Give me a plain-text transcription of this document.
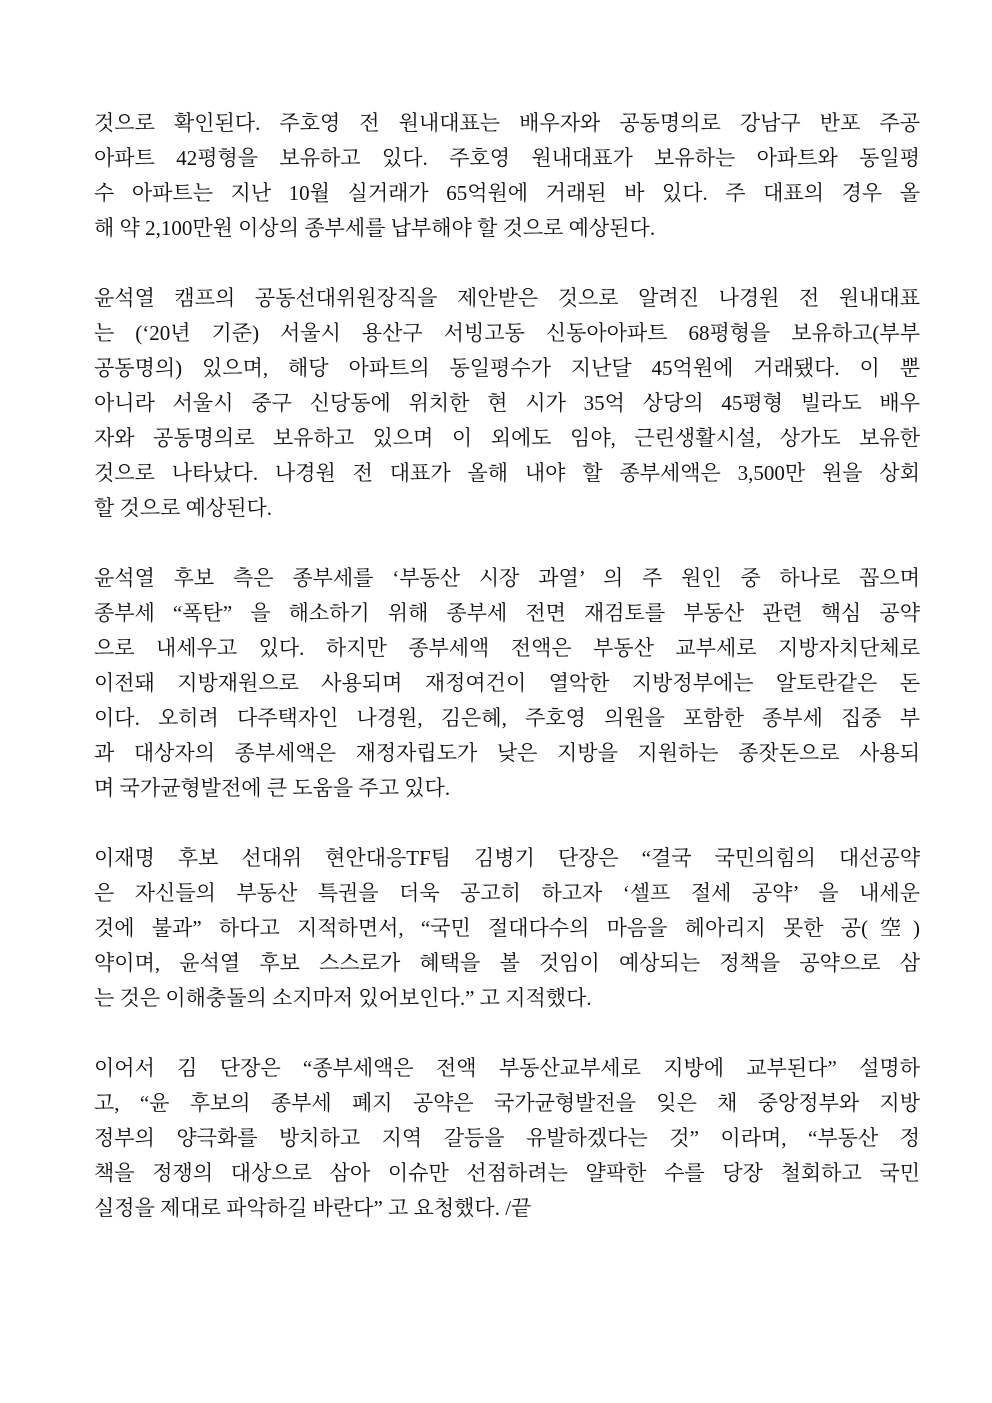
것으로 확인된다. 주호영 전 원내대표는 배우자와 공동명의로 강남구 반포 주공
아파트 42평형을 보유하고 있다. 주호영 원내대표가 보유하는 아파트와 동일평
수 아파트는 지난 10월 실거래가 65억원에 거래된 바 있다. 주 대표의 경우 올
해 약 2,100만원 이상의 종부세를 납부해야 할 것으로 예상된다.
윤석열 캠프의 공동선대위원장직을 제안받은 것으로 알려진 나경원 전 원내대표
는 (‘20년 기준) 서울시 용산구 서빙고동 신동아아파트 68평형을 보유하고(부부
공동명의) 있으며, 해당 아파트의 동일평수가 지난달 45억원에 거래됐다. 이 뿐
아니라 서울시 중구 신당동에 위치한 현 시가 35억 상당의 45평형 빌라도 배우
자와 공동명의로 보유하고 있으며 이 외에도 임야, 근린생활시설, 상가도 보유한
것으로 나타났다. 나경원 전 대표가 올해 내야 할 종부세액은 3,500만 원을 상회
할 것으로 예상된다.
윤석열 후보 측은 종부세를 ‘부동산 시장 과열’ 의 주 원인 중 하나로 꼽으며
종부세 “폭탄” 을 해소하기 위해 종부세 전면 재검토를 부동산 관련 핵심 공약
으로 내세우고 있다. 하지만 종부세액 전액은 부동산 교부세로 지방자치단체로
이전돼 지방재원으로 사용되며 재정여건이 열악한 지방정부에는 알토란같은 돈
이다. 오히려 다주택자인 나경원, 김은혜, 주호영 의원을 포함한 종부세 집중 부
과 대상자의 종부세액은 재정자립도가 낮은 지방을 지원하는 종잣돈으로 사용되
며 국가균형발전에 큰 도움을 주고 있다.
이재명 후보 선대위 현안대응TF팀 김병기 단장은 “결국 국민의힘의 대선공약
은 자신들의 부동산 특권을 더욱 공고히 하고자 ‘셀프 절세 공약’ 을 내세운
것에 불과” 하다고 지적하면서, “국민 절대다수의 마음을 헤아리지 못한 공(空)
약이며, 윤석열 후보 스스로가 혜택을 볼 것임이 예상되는 정책을 공약으로 삼
는 것은 이해충돌의 소지마저 있어보인다.” 고 지적했다.
이어서 김 단장은 “종부세액은 전액 부동산교부세로 지방에 교부된다” 설명하
고, “윤 후보의 종부세 폐지 공약은 국가균형발전을 잊은 채 중앙정부와 지방
정부의 양극화를 방치하고 지역 갈등을 유발하겠다는 것” 이라며, “부동산 정
책을 정쟁의 대상으로 삼아 이슈만 선점하려는 얄팍한 수를 당장 철회하고 국민
실정을 제대로 파악하길 바란다” 고 요청했다. /끝
